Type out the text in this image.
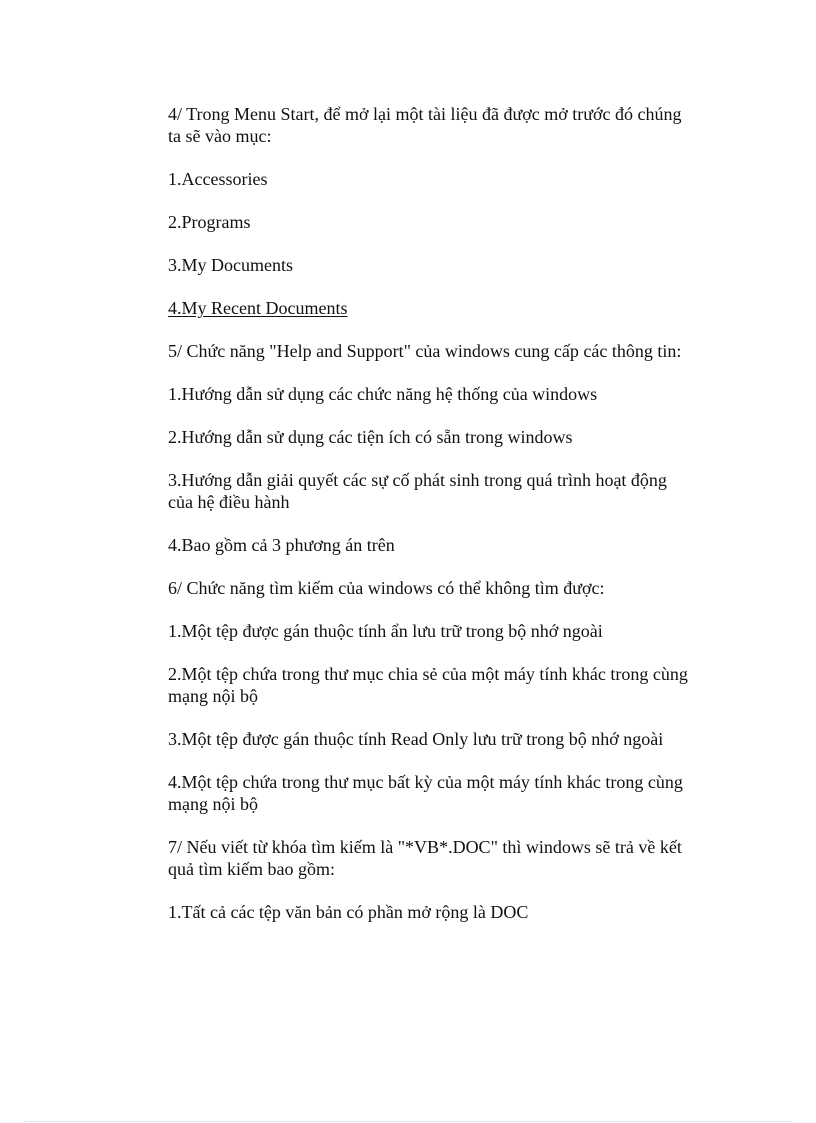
4/ Trong Menu Start, để mở lại một tài liệu đã được mở trước đó chúng ta sẽ vào mục:

1.Accessories

2.Programs

3.My Documents

4.My Recent Documents

5/ Chức năng "Help and Support" của windows cung cấp các thông tin:

1.Hướng dẫn sử dụng các chức năng hệ thống của windows

2.Hướng dẫn sử dụng các tiện ích có sẵn trong windows

3.Hướng dẫn giải quyết các sự cố phát sinh trong quá trình hoạt động của hệ điều hành

4.Bao gồm cả 3 phương án trên

6/ Chức năng tìm kiếm của windows có thể không tìm được:

1.Một tệp được gán thuộc tính ẩn lưu trữ trong bộ nhớ ngoài

2.Một tệp chứa trong thư mục chia sẻ của một máy tính khác trong cùng mạng nội bộ

3.Một tệp được gán thuộc tính Read Only lưu trữ trong bộ nhớ ngoài

4.Một tệp chứa trong thư mục bất kỳ của một máy tính khác trong cùng mạng nội bộ

7/ Nếu viết từ khóa tìm kiếm là "*VB*.DOC" thì windows sẽ trả về kết quả tìm kiếm bao gồm:

1.Tất cả các tệp văn bản có phần mở rộng là DOC
